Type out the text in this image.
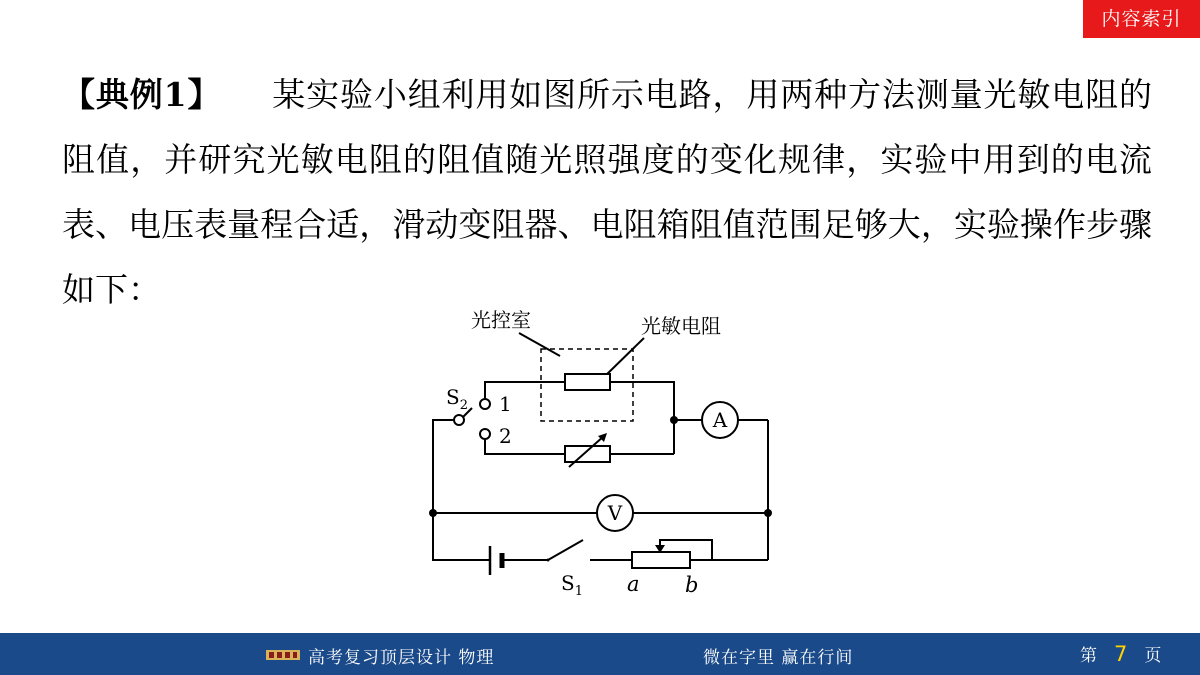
内容索引

【典例1】 某实验小组利用如图所示电路，用两种方法测量光敏电阻的阻值，并研究光敏电阻的阻值随光照强度的变化规律，实验中用到的电流表、电压表量程合适，滑动变阻器、电阻箱阻值范围足够大，实验操作步骤如下：

A
V
光控室	光敏电阻
$S_2$ 1
2
$S_1$ a b
高考复习顶层设计 物理	微在字里 赢在行间	第 7 页
